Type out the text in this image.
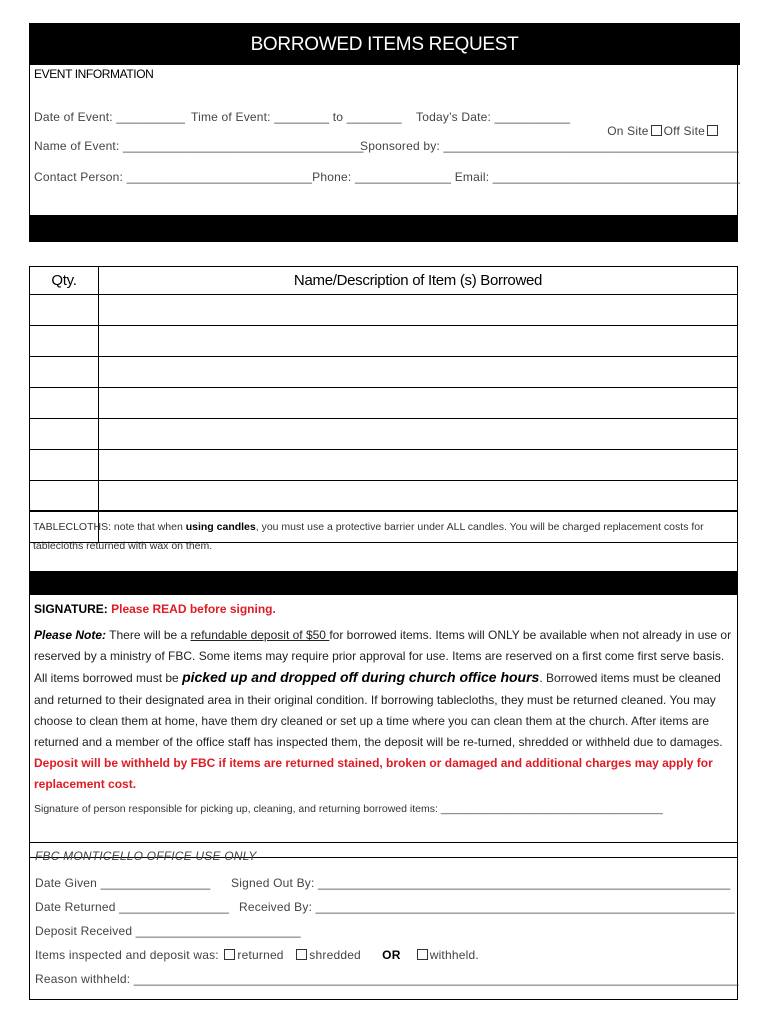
BORROWED ITEMS REQUEST
EVENT INFORMATION
Date of Event: __________ Time of Event: ________ to ________ Today’s Date: ___________

On Site Off Site

Name of Event: ___________________________________
Sponsored by: ___________________________________________
Contact Person: ___________________________Phone: ______________ Email: ____________________________________
Qty.	Name/Description of Item (s) Borrowed

TABLECLOTHS: note that when using candles, you must use a protective barrier under ALL candles. You will be charged replacement costs for tablecloths returned with wax on them.
SIGNATURE: Please READ before signing.
Please Note: There will be a refundable deposit of $50 for borrowed items. Items will ONLY be available when not already in use or reserved by a ministry of FBC. Some items may require prior approval for use. Items are reserved on a first come first serve basis. All items borrowed must be picked up and dropped off during church office hours. Borrowed items must be cleaned and returned to their designated area in their original condition. If borrowing tablecloths, they must be returned cleaned. You may choose to clean them at home, have them dry cleaned or set up a time where you can clean them at the church. After items are returned and a member of the office staff has inspected them, the deposit will be re-turned, shredded or withheld due to damages. Deposit will be withheld by FBC if items are returned stained, broken or damaged and additional charges may apply for replacement cost.
Signature of person responsible for picking up, cleaning, and returning borrowed items: ______________________________________
FBC MONTICELLO OFFICE USE ONLY
Date Given ________________ Signed Out By: ____________________________________________________________
Date Returned ________________ Received By: _____________________________________________________________
Deposit Received ________________________
Items inspected and deposit was: returned shredded OR withheld.
Reason withheld: ________________________________________________________________________________________
